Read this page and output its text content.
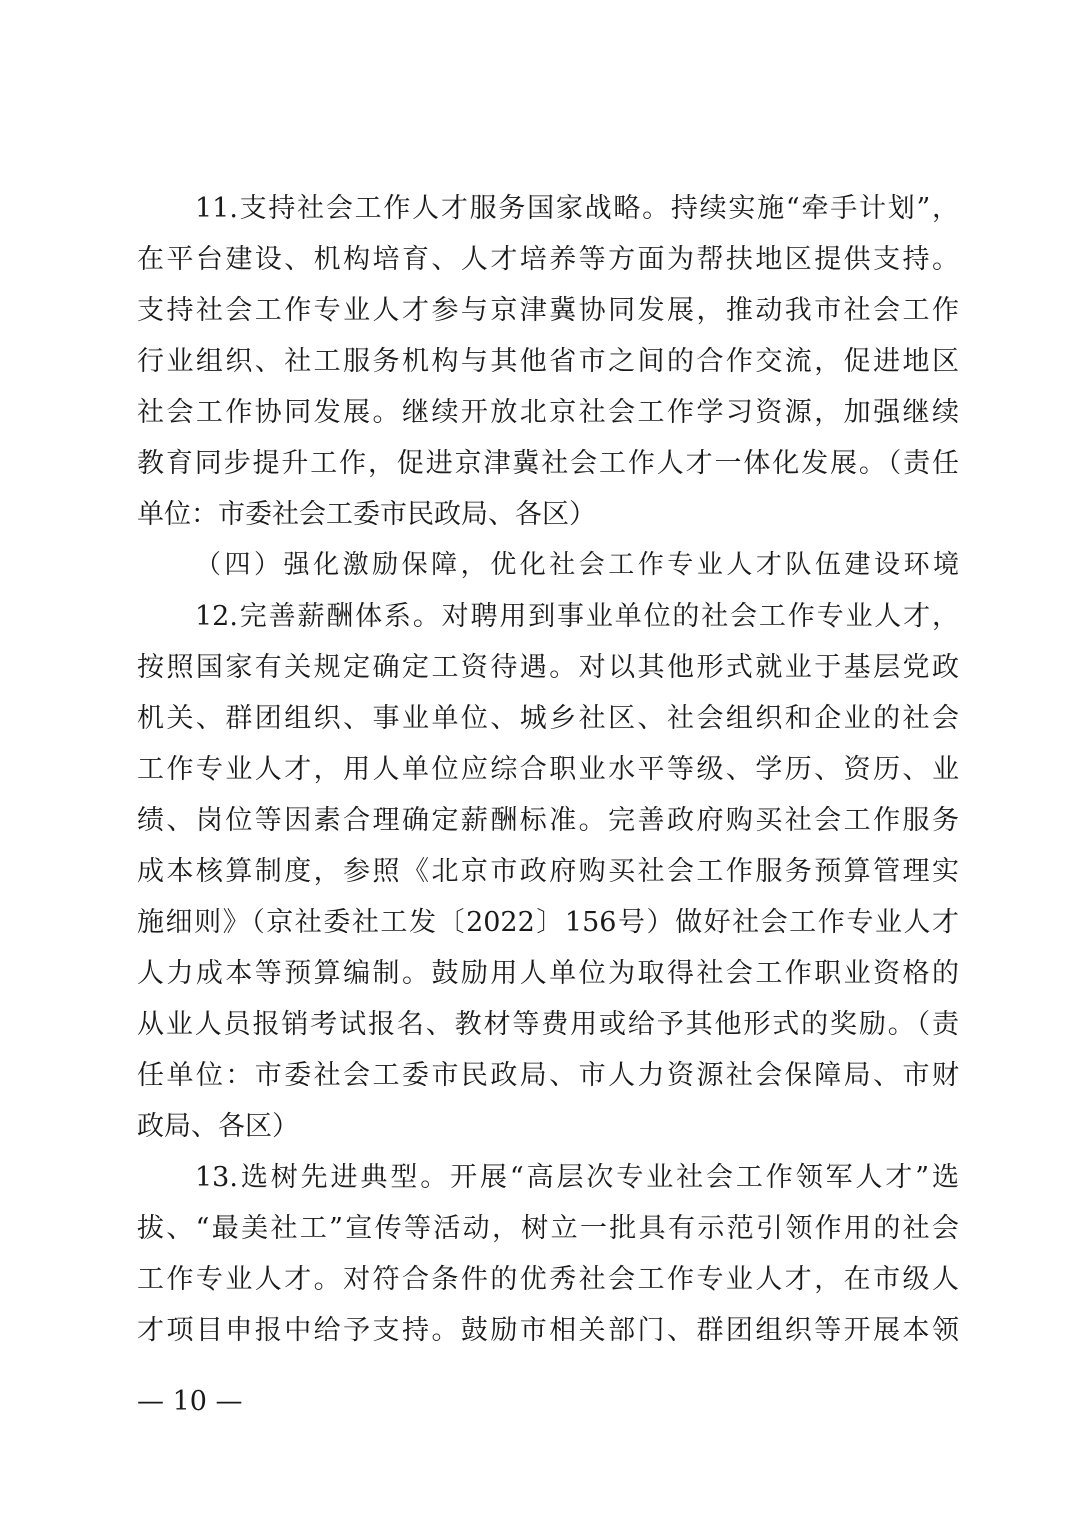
11.支持社会工作人才服务国家战略。持续实施“牵手计划”，
在平台建设、机构培育、人才培养等方面为帮扶地区提供支持。
支持社会工作专业人才参与京津冀协同发展，推动我市社会工作
行业组织、社工服务机构与其他省市之间的合作交流，促进地区
社会工作协同发展。继续开放北京社会工作学习资源，加强继续
教育同步提升工作，促进京津冀社会工作人才一体化发展。（责任
单位：市委社会工委市民政局、各区）
（四）强化激励保障，优化社会工作专业人才队伍建设环境
12.完善薪酬体系。对聘用到事业单位的社会工作专业人才，
按照国家有关规定确定工资待遇。对以其他形式就业于基层党政
机关、群团组织、事业单位、城乡社区、社会组织和企业的社会
工作专业人才，用人单位应综合职业水平等级、学历、资历、业
绩、岗位等因素合理确定薪酬标准。完善政府购买社会工作服务
成本核算制度，参照《北京市政府购买社会工作服务预算管理实
施细则》（京社委社工发〔2022〕156号）做好社会工作专业人才
人力成本等预算编制。鼓励用人单位为取得社会工作职业资格的
从业人员报销考试报名、教材等费用或给予其他形式的奖励。（责
任单位：市委社会工委市民政局、市人力资源社会保障局、市财
政局、各区）
13.选树先进典型。开展“高层次专业社会工作领军人才”选
拔、“最美社工”宣传等活动，树立一批具有示范引领作用的社会
工作专业人才。对符合条件的优秀社会工作专业人才，在市级人
才项目申报中给予支持。鼓励市相关部门、群团组织等开展本领
— 10 —
